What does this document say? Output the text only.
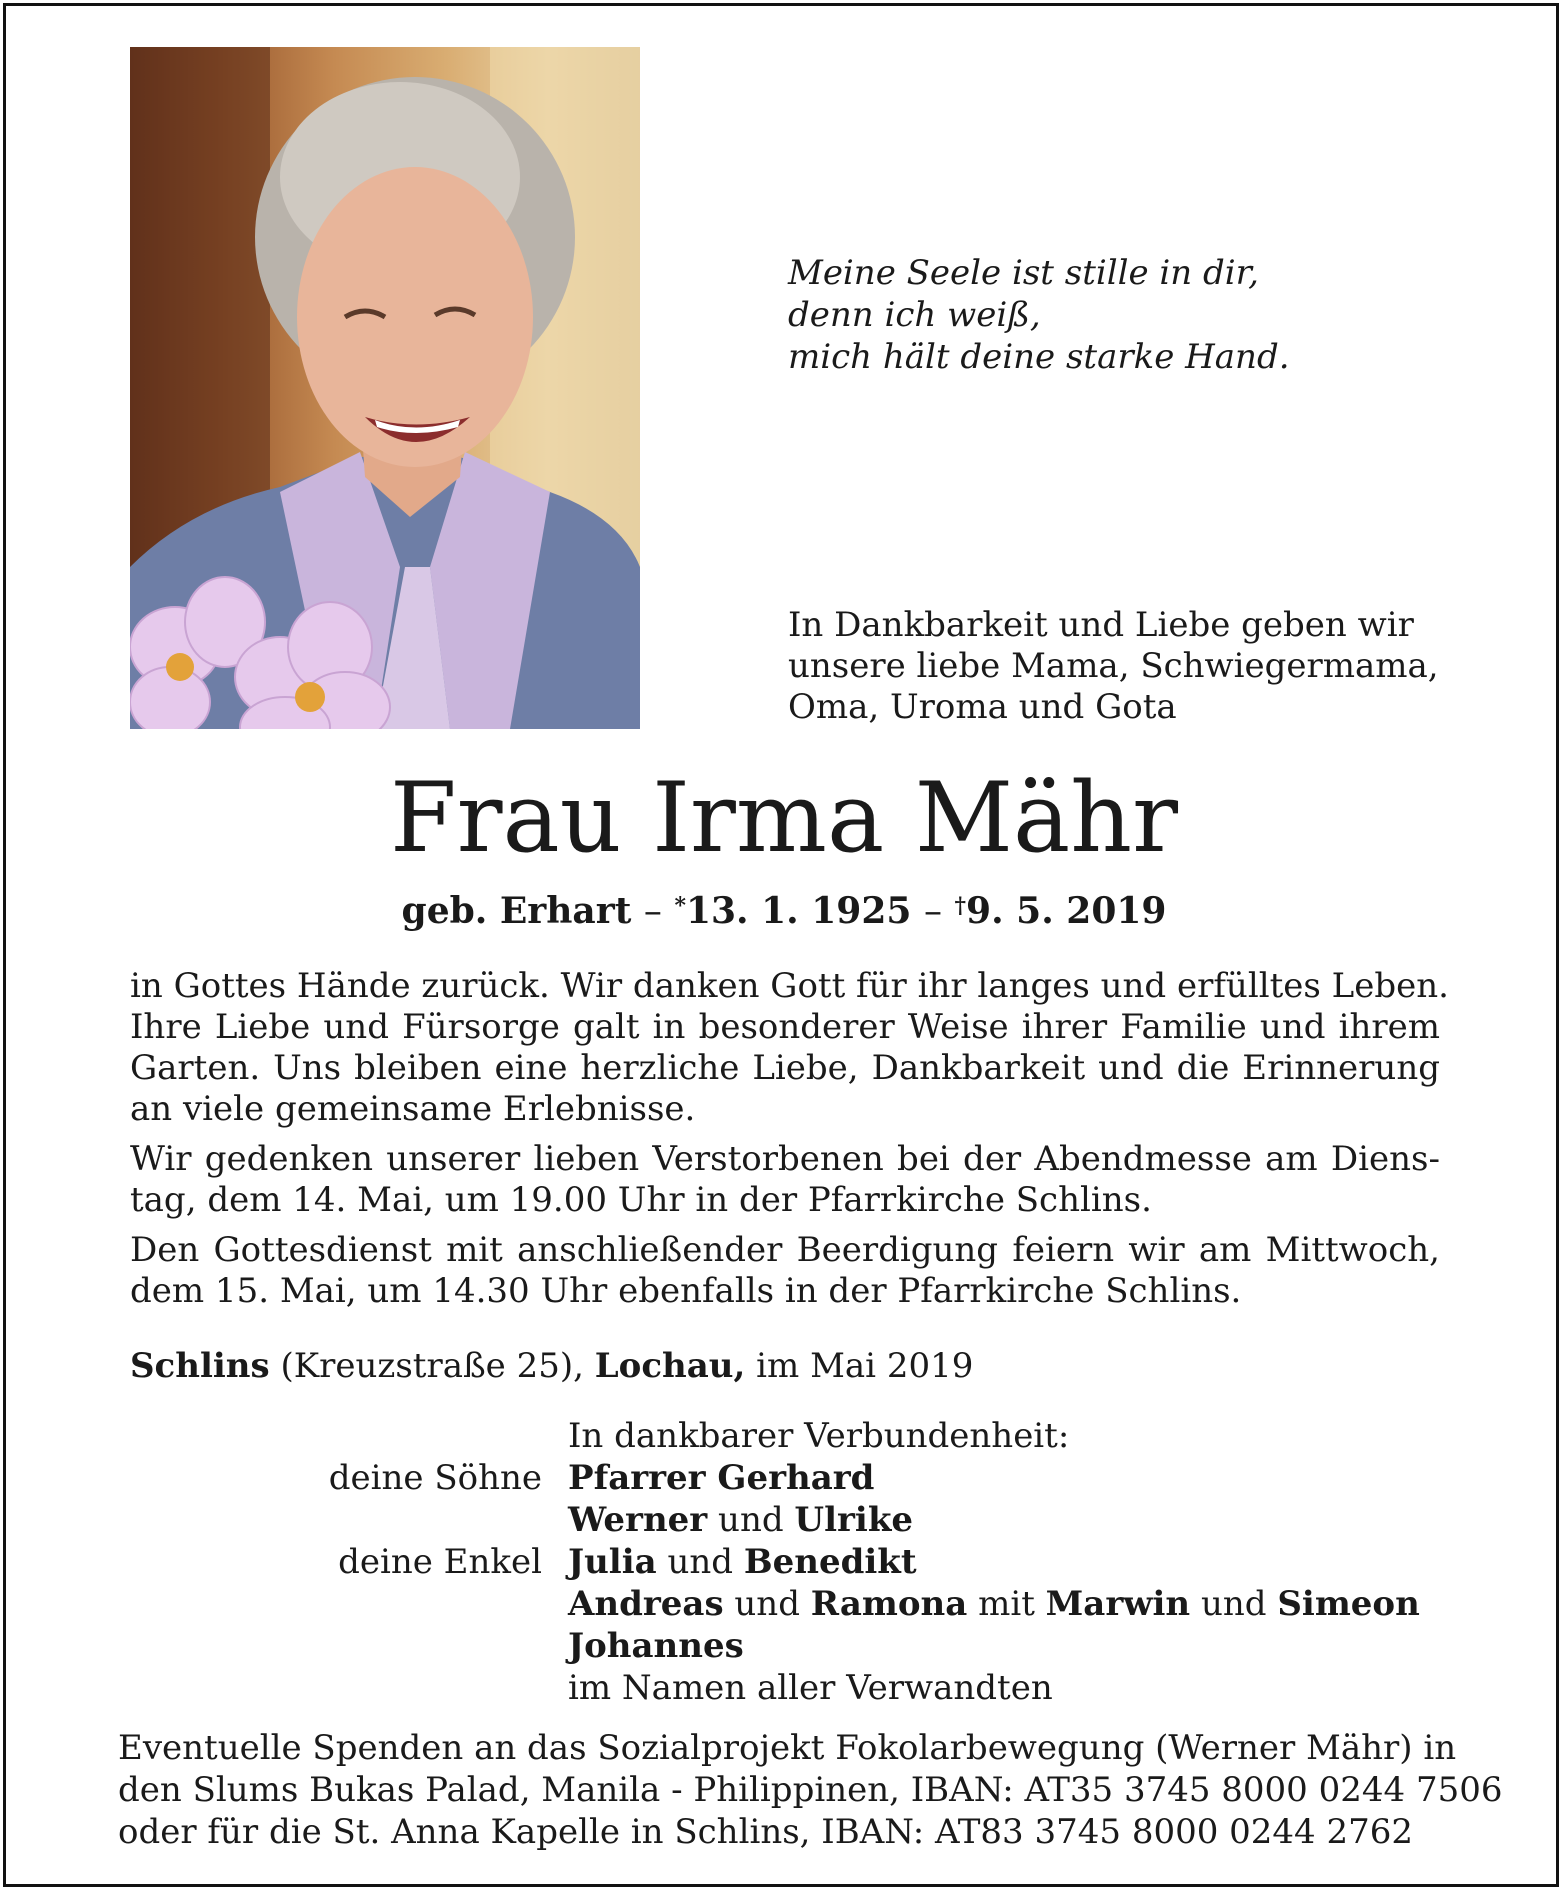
Meine Seele ist stille in dir,
denn ich weiß,
mich hält deine starke Hand.
In Dankbarkeit und Liebe geben wir
unsere liebe Mama, Schwiegermama,
Oma, Uroma und Gota
Frau Irma Mähr
geb. Erhart – *13. 1. 1925 – †9. 5. 2019
in Gottes Hände zurück. Wir danken Gott für ihr langes und erfülltes Leben.
Ihre Liebe und Fürsorge galt in besonderer Weise ihrer Familie und ihrem
Garten. Uns bleiben eine herzliche Liebe, Dankbarkeit und die Erinnerung
an viele gemeinsame Erlebnisse.
Wir gedenken unserer lieben Verstorbenen bei der Abendmesse am Diens-
tag, dem 14. Mai, um 19.00 Uhr in der Pfarrkirche Schlins.
Den Gottesdienst mit anschließender Beerdigung feiern wir am Mittwoch,
dem 15. Mai, um 14.30 Uhr ebenfalls in der Pfarrkirche Schlins.
Schlins (Kreuzstraße 25), Lochau, im Mai 2019
deine Söhne
deine Enkel
In dankbarer Verbundenheit:
Pfarrer Gerhard
Werner und Ulrike
Julia und Benedikt
Andreas und Ramona mit Marwin und Simeon
Johannes
im Namen aller Verwandten
Eventuelle Spenden an das Sozialprojekt Fokolarbewegung (Werner Mähr) in
den Slums Bukas Palad, Manila - Philippinen, IBAN: AT35 3745 8000 0244 7506
oder für die St. Anna Kapelle in Schlins, IBAN: AT83 3745 8000 0244 2762
